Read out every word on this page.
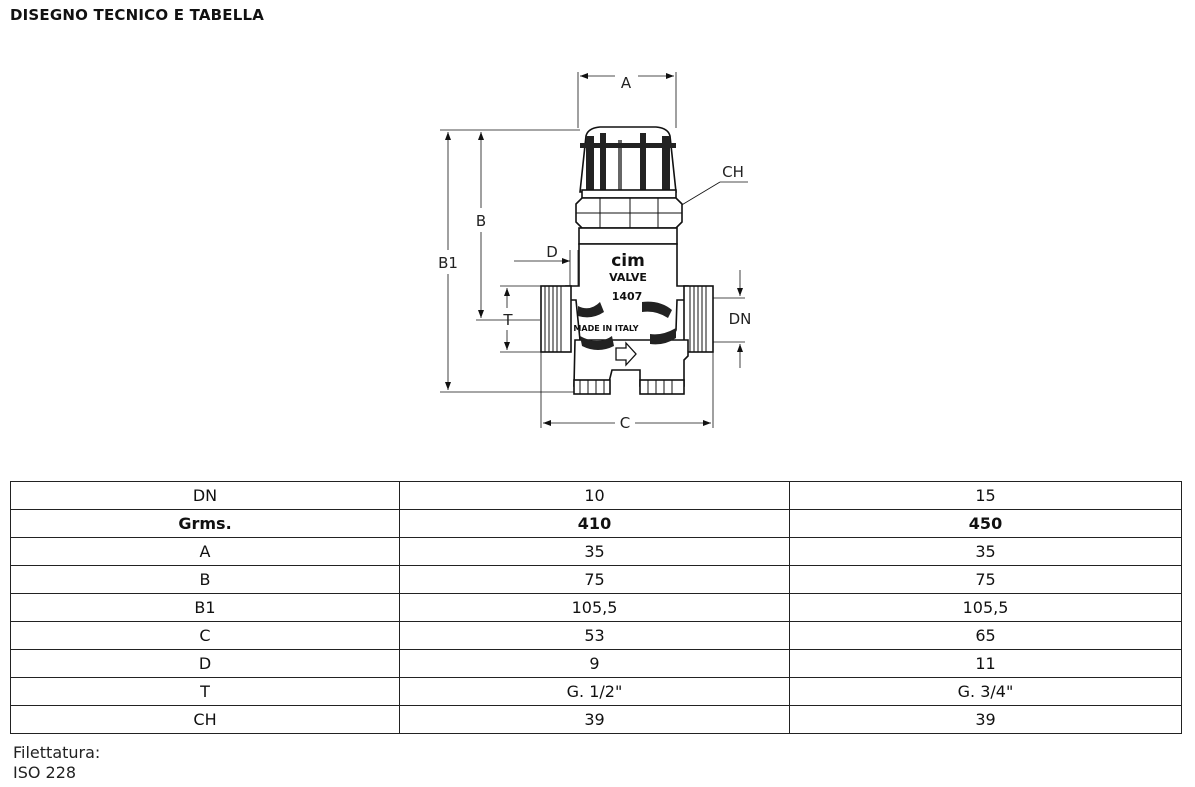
DISEGNO TECNICO E TABELLA
cim
VALVE
1407
MADE IN ITALY
A
B1
B
CH
D
T	DN
C
DN	10	15
Grms.	410	450
A	35	35
B	75	75
B1	105,5	105,5
C	53	65
D	9	11
T	G. 1/2"	G. 3/4"
CH	39	39
Filettatura:
ISO 228
